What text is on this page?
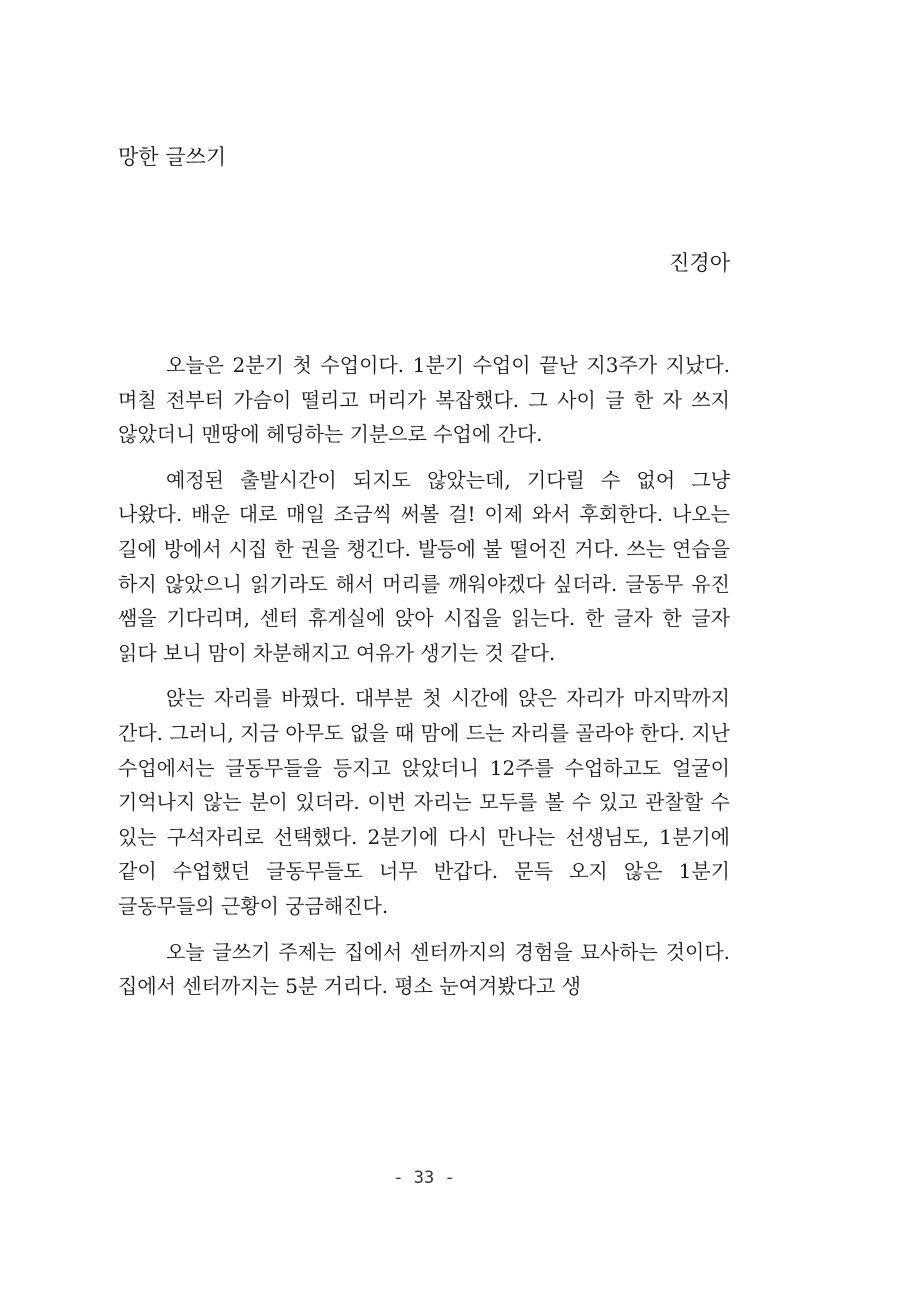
망한 글쓰기
진경아

오늘은 2분기 첫 수업이다. 1분기 수업이 끝난 지3주가 지났다. 며칠 전부터 가슴이 떨리고 머리가 복잡했다. 그 사이 글 한 자 쓰지 않았더니 맨땅에 헤딩하는 기분으로 수업에 간다.

예정된 출발시간이 되지도 않았는데, 기다릴 수 없어 그냥 나왔다. 배운 대로 매일 조금씩 써볼 걸! 이제 와서 후회한다. 나오는 길에 방에서 시집 한 권을 챙긴다. 발등에 불 떨어진 거다. 쓰는 연습을 하지 않았으니 읽기라도 해서 머리를 깨워야겠다 싶더라. 글동무 유진 쌤을 기다리며, 센터 휴게실에 앉아 시집을 읽는다. 한 글자 한 글자 읽다 보니 맘이 차분해지고 여유가 생기는 것 같다.

앉는 자리를 바꿨다. 대부분 첫 시간에 앉은 자리가 마지막까지 간다. 그러니, 지금 아무도 없을 때 맘에 드는 자리를 골라야 한다. 지난 수업에서는 글동무들을 등지고 앉았더니 12주를 수업하고도 얼굴이 기억나지 않는 분이 있더라. 이번 자리는 모두를 볼 수 있고 관찰할 수 있는 구석자리로 선택했다. 2분기에 다시 만나는 선생님도, 1분기에 같이 수업했던 글동무들도 너무 반갑다. 문득 오지 않은 1분기 글동무들의 근황이 궁금해진다.

오늘 글쓰기 주제는 집에서 센터까지의 경험을 묘사하는 것이다. 집에서 센터까지는 5분 거리다. 평소 눈여겨봤다고 생

- 33 -
